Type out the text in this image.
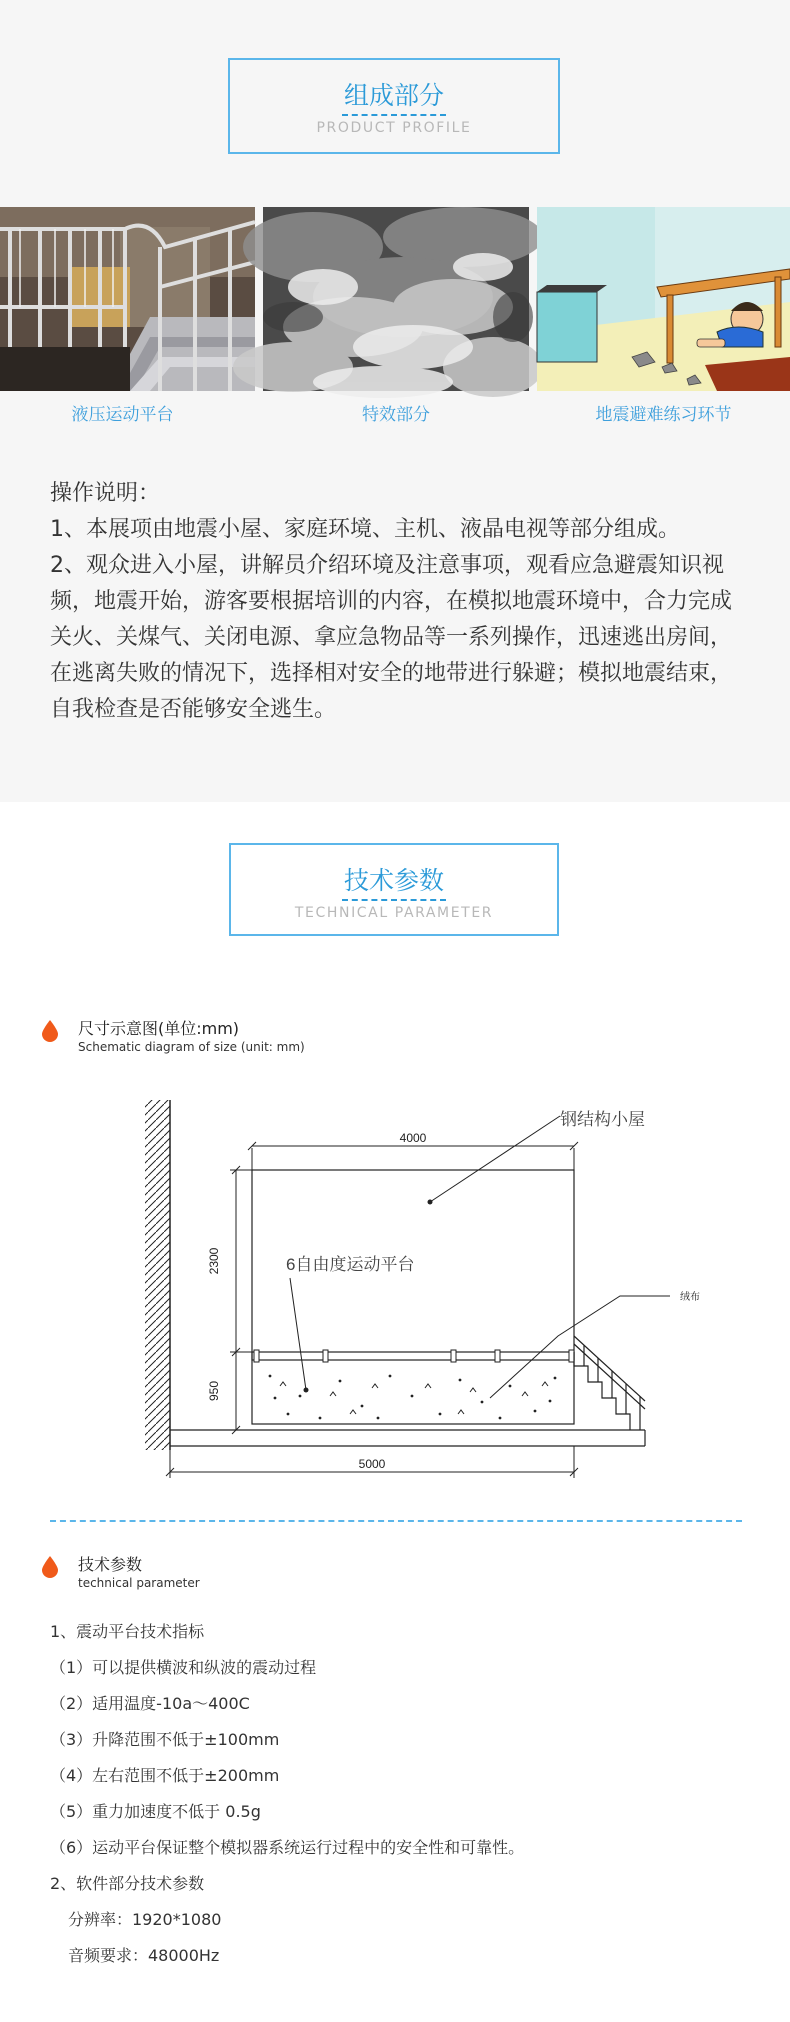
组成部分
PRODUCT PROFILE
液压运动平台	特效部分	地震避难练习环节

操作说明：

1、本展项由地震小屋、家庭环境、主机、液晶电视等部分组成。

2、观众进入小屋，讲解员介绍环境及注意事项，观看应急避震知识视频，地震开始，游客要根据培训的内容，在模拟地震环境中，合力完成关火、关煤气、关闭电源、拿应急物品等一系列操作，迅速逃出房间，在逃离失败的情况下，选择相对安全的地带进行躲避；模拟地震结束，自我检查是否能够安全逃生。

技术参数
TECHNICAL PARAMETER
尺寸示意图(单位:mm)
Schematic diagram of size (unit: mm)
4000
2300
950
5000
钢结构小屋
6自由度运动平台
绒布
技术参数
technical parameter
1、震动平台技术指标
（1）可以提供横波和纵波的震动过程
（2）适用温度-10a～400C
（3）升降范围不低于±100mm
（4）左右范围不低于±200mm
（5）重力加速度不低于 0.5g
（6）运动平台保证整个模拟器系统运行过程中的安全性和可靠性。
2、软件部分技术参数
分辨率：1920*1080
音频要求：48000Hz
